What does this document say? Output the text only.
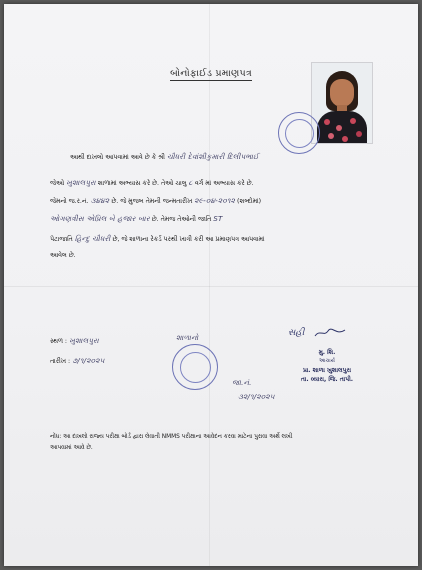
બોનોફાઈડ પ્રમાણપત્ર
આથી દાખલો આપવામાં આવે છે કે શ્રી ચૌધરી દેવાંશીકુમારી દિલીપભાઈ
જેઓ ખુશાલપુરા શાળામાં અભ્યાસ કરે છે. તેઓ ચાલુ ૮ વર્ગ માં અભ્યાસ કરે છે.
જેમનો જ.ર.નં. ૩૪૪૨ છે. જે મુજબ તેમની જન્મતારીખ ૨૯-૦૪-૨૦૧૨ (શબ્દોમાં)
ઓગણત્રીસ એપ્રિલ બે હજાર બાર છે. તેમજ તેઓની જાતિ ST
પેટાજાતિ હિન્દુ ચૌધરી છે, જે શાળાના રેકર્ડ પરથી ખાત્રી કરી આ પ્રમાણપત્ર આપવામાં
આવેલ છે.
સ્થળ : ખુશાલપુરા
તારીખ : ૭/૧/૨૦૨૫
શાળાનો
જા.નં.
૩૨/૧/૨૦૨૫
સહી
મુ. શિ.
આચાર્ય
પ્રા. શાળા ખુશાલપુરા
તા. વ્યારા, જિ. તાપી.
નોંધ: આ દાખલો રાજ્ય પરીક્ષા બોર્ડ દ્વારા લેવાતી NMMS પરીક્ષાના આવેદન કરવા માટેના પુરાવા અર્થે લખી
આપવામાં આવે છે.
